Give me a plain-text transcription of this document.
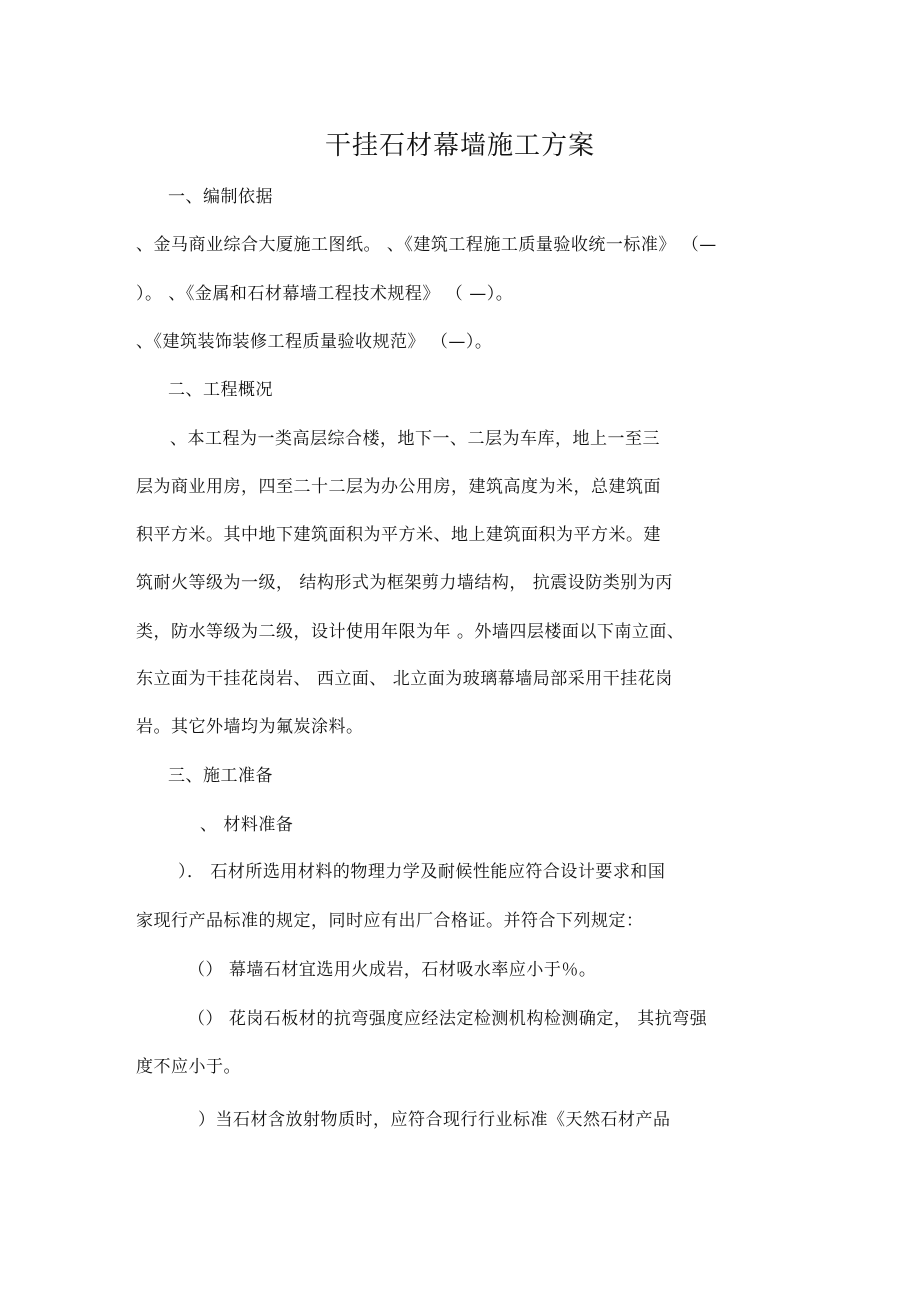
干挂石材幕墙施工方案
一、编制依据
、金马商业综合大厦施工图纸。 、《建筑工程施工质量验收统一标准》 （—
）。 、《金属和石材幕墙工程技术规程》 （ —）。
、《建筑装饰装修工程质量验收规范》 （—）。
二、工程概况
、本工程为一类高层综合楼，地下一、二层为车库，地上一至三
层为商业用房，四至二十二层为办公用房，建筑高度为米，总建筑面
积平方米。其中地下建筑面积为平方米、地上建筑面积为平方米。建
筑耐火等级为一级， 结构形式为框架剪力墙结构， 抗震设防类别为丙
类，防水等级为二级，设计使用年限为年 。外墙四层楼面以下南立面、
东立面为干挂花岗岩、 西立面、 北立面为玻璃幕墙局部采用干挂花岗
岩。其它外墙均为氟炭涂料。
三、施工准备
、 材料准备
）． 石材所选用材料的物理力学及耐候性能应符合设计要求和国
家现行产品标准的规定，同时应有出厂合格证。并符合下列规定：
（） 幕墙石材宜选用火成岩，石材吸水率应小于％。
（） 花岗石板材的抗弯强度应经法定检测机构检测确定， 其抗弯强
度不应小于。
）当石材含放射物质时，应符合现行行业标准《天然石材产品
